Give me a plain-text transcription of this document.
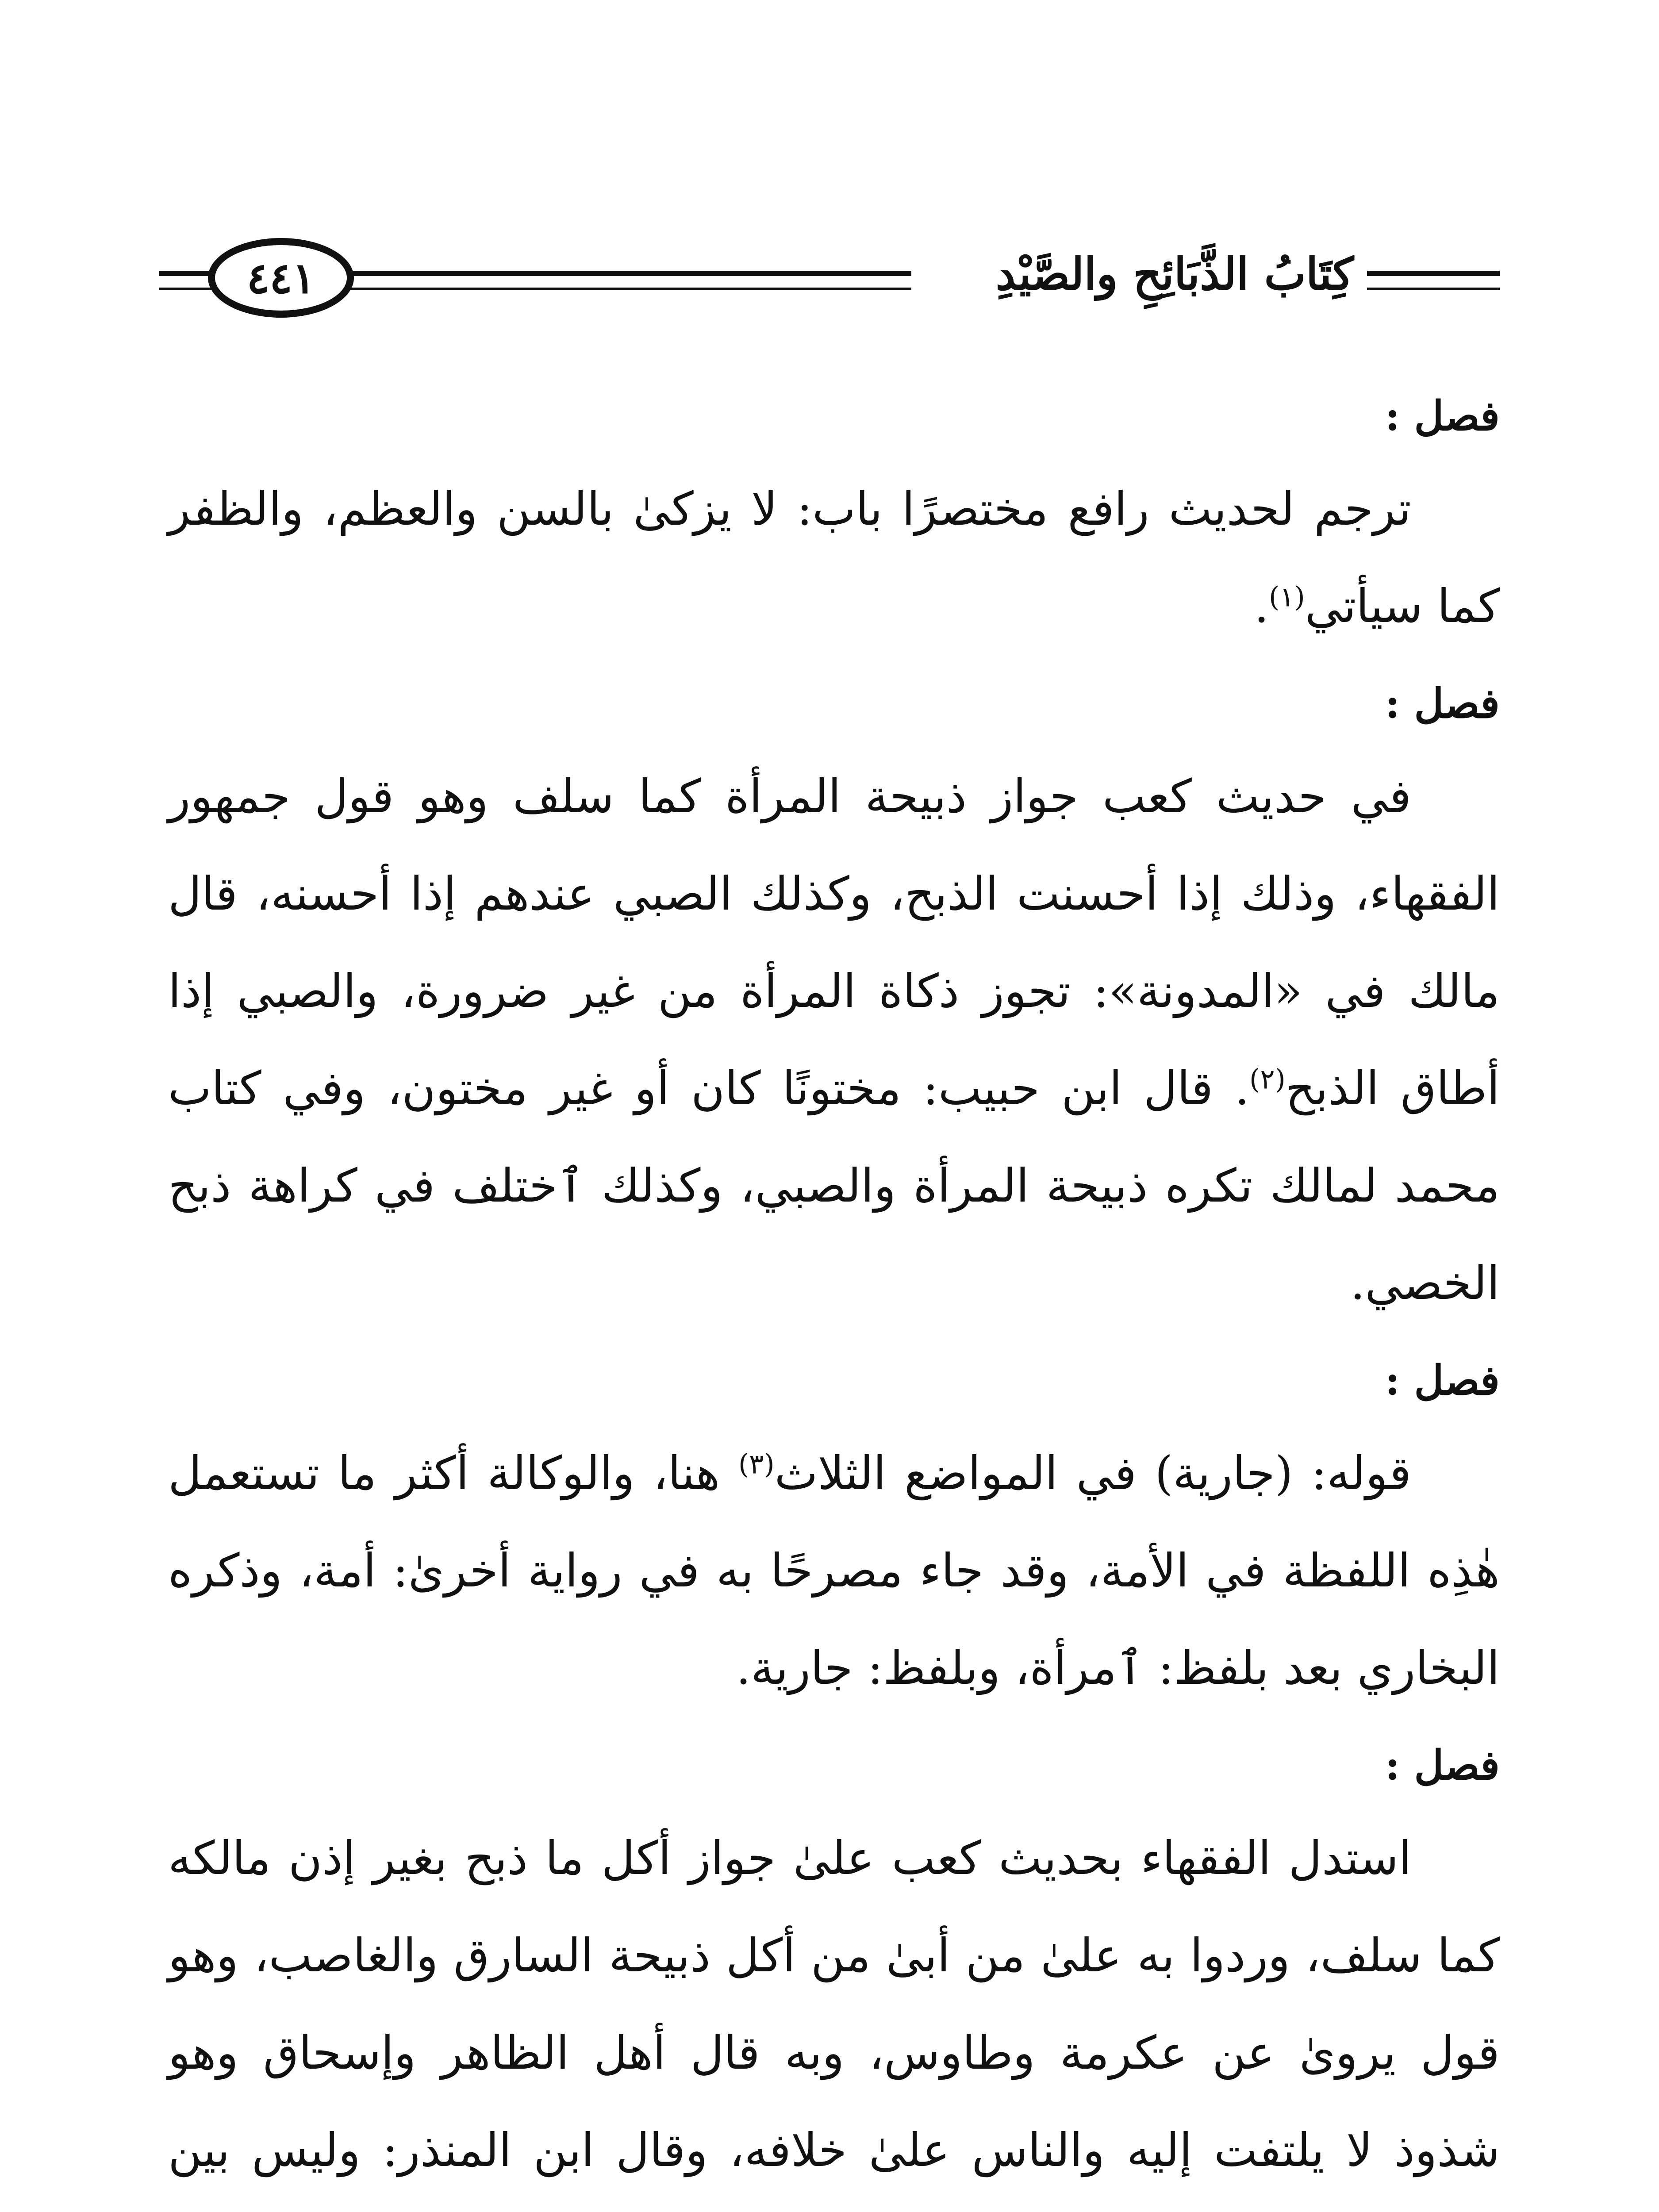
كِتَابُ الذَّبَائِحِ والصَّيْدِ
٤٤١

فصل :

ترجم لحديث رافع مختصرًا باب: لا يزكىٰ بالسن والعظم، والظفر كما سيأتي$^{(١)}$.

فصل :

في حديث كعب جواز ذبيحة المرأة كما سلف وهو قول جمهور الفقهاء، وذلك إذا أحسنت الذبح، وكذلك الصبي عندهم إذا أحسنه، قال مالك في «المدونة»: تجوز ذكاة المرأة من غير ضرورة، والصبي إذا أطاق الذبح$^{(٢)}$. قال ابن حبيب: مختونًا كان أو غير مختون، وفي كتاب محمد لمالك تكره ذبيحة المرأة والصبي، وكذلك ٱختلف في كراهة ذبح الخصي.

فصل :

قوله: (جارية) في المواضع الثلاث$^{(٣)}$ هنا، والوكالة أكثر ما تستعمل هٰذِه اللفظة في الأمة، وقد جاء مصرحًا به في رواية أخرىٰ: أمة، وذكره البخاري بعد بلفظ: ٱمرأة، وبلفظ: جارية.

فصل :

استدل الفقهاء بحديث كعب علىٰ جواز أكل ما ذبح بغير إذن مالكه كما سلف، وردوا به علىٰ من أبىٰ من أكل ذبيحة السارق والغاصب، وهو قول يروىٰ عن عكرمة وطاوس، وبه قال أهل الظاهر وإسحاق وهو شذوذ لا يلتفت إليه والناس علىٰ خلافه، وقال ابن المنذر: وليس بين
